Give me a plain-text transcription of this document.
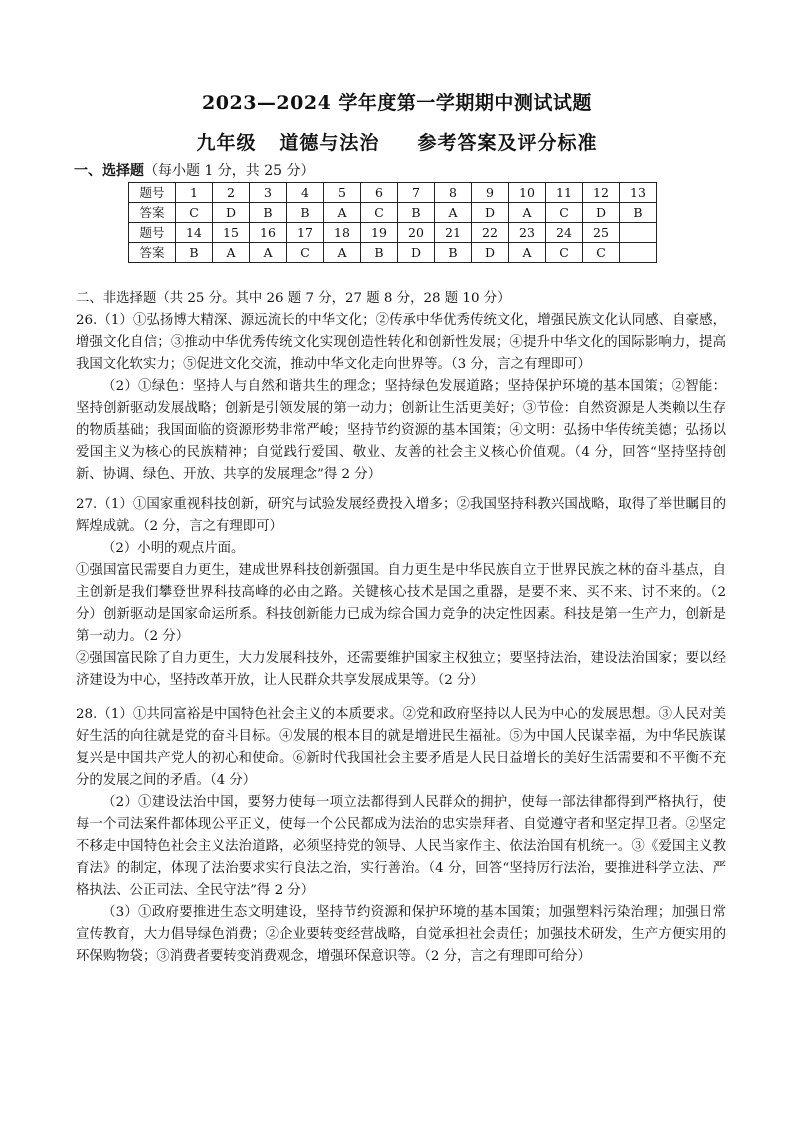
2023—2024 学年度第一学期期中测试试题
九年级   道德与法治     参考答案及评分标准
一、选择题（每小题 1 分，共 25 分）
题号	1	2	3	4	5	6	7	8	9	10	11	12	13
答案	C	D	B	B	A	C	B	A	D	A	C	D	B
题号	14	15	16	17	18	19	20	21	22	23	24	25	
答案	B	A	A	C	A	B	D	B	D	A	C	C	

二、非选择题（共 25 分。其中 26 题 7 分，27 题 8 分，28 题 10 分）

26.（1）①弘扬博大精深、源远流长的中华文化；②传承中华优秀传统文化，增强民族文化认同感、自豪感，增强文化自信；③推动中华优秀传统文化实现创造性转化和创新性发展；④提升中华文化的国际影响力，提高我国文化软实力；⑤促进文化交流，推动中华文化走向世界等。（3 分，言之有理即可）

（2）①绿色：坚持人与自然和谐共生的理念；坚持绿色发展道路；坚持保护环境的基本国策；②智能：坚持创新驱动发展战略；创新是引领发展的第一动力；创新让生活更美好；③节俭：自然资源是人类赖以生存的物质基础；我国面临的资源形势非常严峻；坚持节约资源的基本国策；④文明：弘扬中华传统美德；弘扬以爱国主义为核心的民族精神；自觉践行爱国、敬业、友善的社会主义核心价值观。（4 分，回答“坚持坚持创新、协调、绿色、开放、共享的发展理念”得 2 分）

27.（1）①国家重视科技创新，研究与试验发展经费投入增多；②我国坚持科教兴国战略，取得了举世瞩目的辉煌成就。（2 分，言之有理即可）

（2）小明的观点片面。

①强国富民需要自力更生，建成世界科技创新强国。自力更生是中华民族自立于世界民族之林的奋斗基点，自主创新是我们攀登世界科技高峰的必由之路。关键核心技术是国之重器，是要不来、买不来、讨不来的。（2 分）创新驱动是国家命运所系。科技创新能力已成为综合国力竞争的决定性因素。科技是第一生产力，创新是第一动力。（2 分）

②强国富民除了自力更生，大力发展科技外，还需要维护国家主权独立；要坚持法治，建设法治国家；要以经济建设为中心，坚持改革开放，让人民群众共享发展成果等。（2 分）

28.（1）①共同富裕是中国特色社会主义的本质要求。②党和政府坚持以人民为中心的发展思想。③人民对美好生活的向往就是党的奋斗目标。④发展的根本目的就是增进民生福祉。⑤为中国人民谋幸福，为中华民族谋复兴是中国共产党人的初心和使命。⑥新时代我国社会主要矛盾是人民日益增长的美好生活需要和不平衡不充分的发展之间的矛盾。（4 分）

（2）①建设法治中国，要努力使每一项立法都得到人民群众的拥护，使每一部法律都得到严格执行，使每一个司法案件都体现公平正义，使每一个公民都成为法治的忠实崇拜者、自觉遵守者和坚定捍卫者。②坚定不移走中国特色社会主义法治道路，必须坚持党的领导、人民当家作主、依法治国有机统一。③《爱国主义教育法》的制定，体现了法治要求实行良法之治，实行善治。（4 分，回答“坚持厉行法治，要推进科学立法、严格执法、公正司法、全民守法”得 2 分）

（3）①政府要推进生态文明建设，坚持节约资源和保护环境的基本国策；加强塑料污染治理；加强日常宣传教育，大力倡导绿色消费；②企业要转变经营战略，自觉承担社会责任；加强技术研发，生产方便实用的环保购物袋；③消费者要转变消费观念，增强环保意识等。（2 分，言之有理即可给分）
